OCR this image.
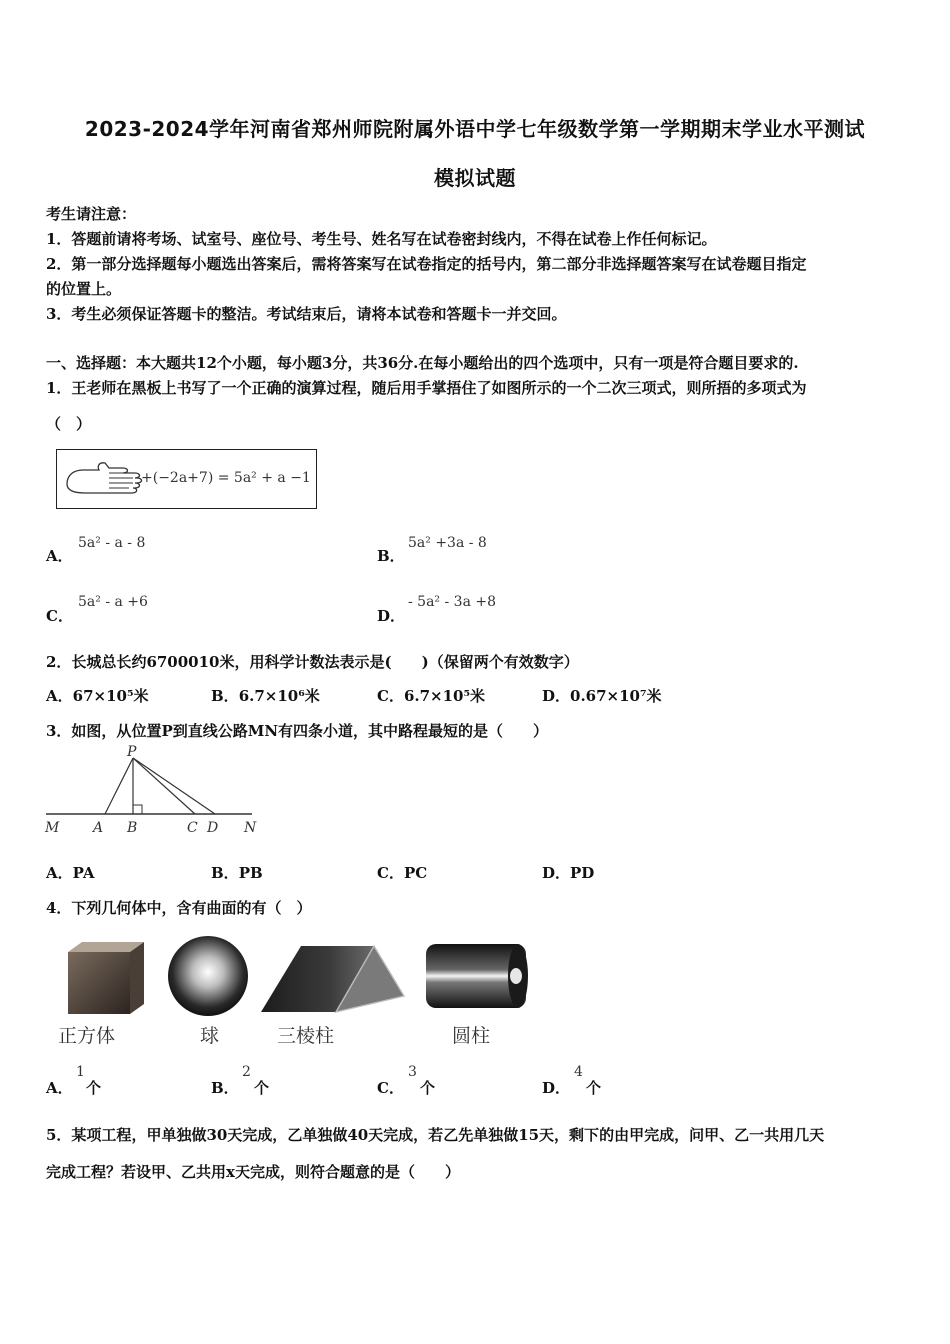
2023-2024学年河南省郑州师院附属外语中学七年级数学第一学期期末学业水平测试
模拟试题
考生请注意：
1．答题前请将考场、试室号、座位号、考生号、姓名写在试卷密封线内，不得在试卷上作任何标记。
2．第一部分选择题每小题选出答案后，需将答案写在试卷指定的括号内，第二部分非选择题答案写在试卷题目指定
的位置上。
3．考生必须保证答题卡的整洁。考试结束后，请将本试卷和答题卡一并交回。
一、选择题：本大题共12个小题，每小题3分，共36分.在每小题给出的四个选项中，只有一项是符合题目要求的.
1．王老师在黑板上书写了一个正确的演算过程，随后用手掌捂住了如图所示的一个二次三项式，则所捂的多项式为
（　）
+(−2a+7) = 5a² + a −1
A．
5a² - a - 8
B．
5a² +3a - 8
C．
5a² - a +6
D．
- 5a² - 3a +8
2．长城总长约6700010米，用科学计数法表示是(　　)（保留两个有效数字）
A．67×10⁵米	B．6.7×10⁶米	C．6.7×10⁵米	D．0.67×10⁷米
3．如图，从位置P到直线公路MN有四条小道，其中路程最短的是（　　）
P
M A B	C D N
A．PA	B．PB	C．PC	D．PD
4．下列几何体中，含有曲面的有（　）
正方体	球	三棱柱	圆柱
A．
1
个	B．
2
个	C．
3
个	D．
4
个
5．某项工程，甲单独做30天完成，乙单独做40天完成，若乙先单独做15天，剩下的由甲完成，问甲、乙一共用几天
完成工程？若设甲、乙共用x天完成，则符合题意的是（　　）
